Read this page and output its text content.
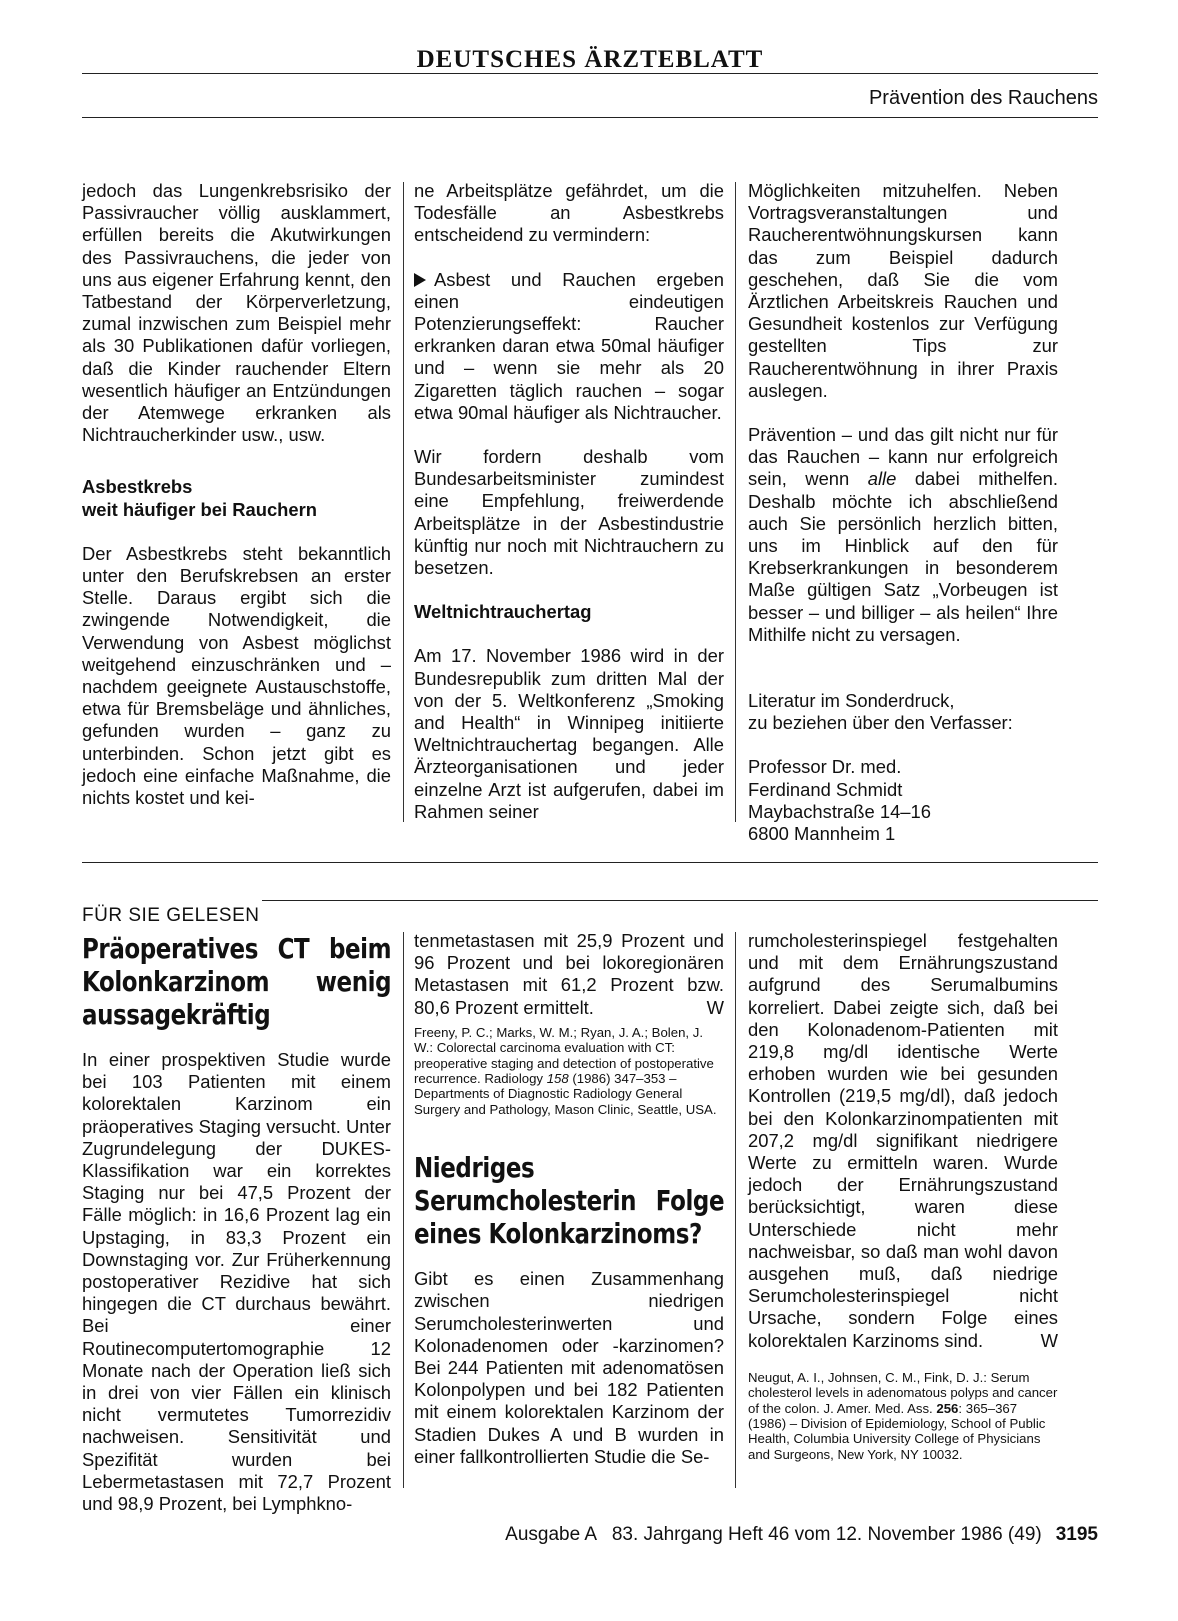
DEUTSCHES ÄRZTEBLATT
Prävention des Rauchens

jedoch das Lungenkrebsrisiko der Passivraucher völlig ausklammert, erfüllen bereits die Akutwirkungen des Passivrauchens, die jeder von uns aus eigener Erfahrung kennt, den Tatbestand der Körperverletzung, zumal inzwischen zum Beispiel mehr als 30 Publikationen dafür vorliegen, daß die Kinder rauchender Eltern wesentlich häufiger an Entzündungen der Atemwege erkranken als Nichtraucherkinder usw., usw.

Asbestkrebs
weit häufiger bei Rauchern

Der Asbestkrebs steht bekanntlich unter den Berufskrebsen an erster Stelle. Daraus ergibt sich die zwingende Notwendigkeit, die Verwendung von Asbest möglichst weitgehend einzuschränken und – nachdem geeignete Austauschstoffe, etwa für Bremsbeläge und ähnliches, gefunden wurden – ganz zu unterbinden. Schon jetzt gibt es jedoch eine einfache Maßnahme, die nichts kostet und kei-

ne Arbeitsplätze gefährdet, um die Todesfälle an Asbestkrebs entscheidend zu vermindern:

Asbest und Rauchen ergeben einen eindeutigen Potenzierungseffekt: Raucher erkranken daran etwa 50mal häufiger und – wenn sie mehr als 20 Zigaretten täglich rauchen – sogar etwa 90mal häufiger als Nichtraucher.

Wir fordern deshalb vom Bundesarbeitsminister zumindest eine Empfehlung, freiwerdende Arbeitsplätze in der Asbestindustrie künftig nur noch mit Nichtrauchern zu besetzen.

Weltnichtrauchertag

Am 17. November 1986 wird in der Bundesrepublik zum dritten Mal der von der 5. Weltkonferenz „Smoking and Health“ in Winnipeg initiierte Weltnichtrauchertag begangen. Alle Ärzteorganisationen und jeder einzelne Arzt ist aufgerufen, dabei im Rahmen seiner

Möglichkeiten mitzuhelfen. Neben Vortragsveranstaltungen und Raucherentwöhnungskursen kann das zum Beispiel dadurch geschehen, daß Sie die vom Ärztlichen Arbeitskreis Rauchen und Gesundheit kostenlos zur Verfügung gestellten Tips zur Raucherentwöhnung in ihrer Praxis auslegen.

Prävention – und das gilt nicht nur für das Rauchen – kann nur erfolgreich sein, wenn alle dabei mithelfen. Deshalb möchte ich abschließend auch Sie persönlich herzlich bitten, uns im Hinblick auf den für Krebserkrankungen in besonderem Maße gültigen Satz „Vorbeugen ist besser – und billiger – als heilen“ Ihre Mithilfe nicht zu versagen.

Literatur im Sonderdruck,
zu beziehen über den Verfasser:
Professor Dr. med.
Ferdinand Schmidt
Maybachstraße 14–16
6800 Mannheim 1
FÜR SIE GELESEN
Präoperatives CT beim Kolonkarzinom wenig aussagekräftig

In einer prospektiven Studie wurde bei 103 Patienten mit einem kolorektalen Karzinom ein präoperatives Staging versucht. Unter Zugrundelegung der DUKES-Klassifikation war ein korrektes Staging nur bei 47,5 Prozent der Fälle möglich: in 16,6 Prozent lag ein Upstaging, in 83,3 Prozent ein Downstaging vor. Zur Früherkennung postoperativer Rezidive hat sich hingegen die CT durchaus bewährt. Bei einer Routinecomputertomographie 12 Monate nach der Operation ließ sich in drei von vier Fällen ein klinisch nicht vermutetes Tumorrezidiv nachweisen. Sensitivität und Spezifität wurden bei Lebermetastasen mit 72,7 Prozent und 98,9 Prozent, bei Lymphkno-

tenmetastasen mit 25,9 Prozent und 96 Prozent und bei lokoregionären Metastasen mit 61,2 Prozent bzw. 80,6 Prozent ermittelt.	W

Freeny, P. C.; Marks, W. M.; Ryan, J. A.; Bolen, J. W.: Colorectal carcinoma evaluation with CT: preoperative staging and detection of postoperative recurrence. Radiology 158 (1986) 347–353 – Departments of Diagnostic Radiology General Surgery and Pathology, Mason Clinic, Seattle, USA.
Niedriges Serumcholesterin Folge eines Kolonkarzinoms?

Gibt es einen Zusammenhang zwischen niedrigen Serumcholesterinwerten und Kolonadenomen oder -karzinomen? Bei 244 Patienten mit adenomatösen Kolonpolypen und bei 182 Patienten mit einem kolorektalen Karzinom der Stadien Dukes A und B wurden in einer fallkontrollierten Studie die Se-

rumcholesterinspiegel festgehalten und mit dem Ernährungszustand aufgrund des Serumalbumins korreliert. Dabei zeigte sich, daß bei den Kolonadenom-Patienten mit 219,8 mg/dl identische Werte erhoben wurden wie bei gesunden Kontrollen (219,5 mg/dl), daß jedoch bei den Kolonkarzinompatienten mit 207,2 mg/dl signifikant niedrigere Werte zu ermitteln waren. Wurde jedoch der Ernährungszustand berücksichtigt, waren diese Unterschiede nicht mehr nachweisbar, so daß man wohl davon ausgehen muß, daß niedrige Serumcholesterinspiegel nicht Ursache, sondern Folge eines kolorektalen Karzinoms sind.	W

Neugut, A. I., Johnsen, C. M., Fink, D. J.: Serum cholesterol levels in adenomatous polyps and cancer of the colon. J. Amer. Med. Ass. 256: 365–367 (1986) – Division of Epidemiology, School of Public Health, Columbia University College of Physicians and Surgeons, New York, NY 10032.
Ausgabe A   83. Jahrgang Heft 46 vom 12. November 1986 (49) 3195
